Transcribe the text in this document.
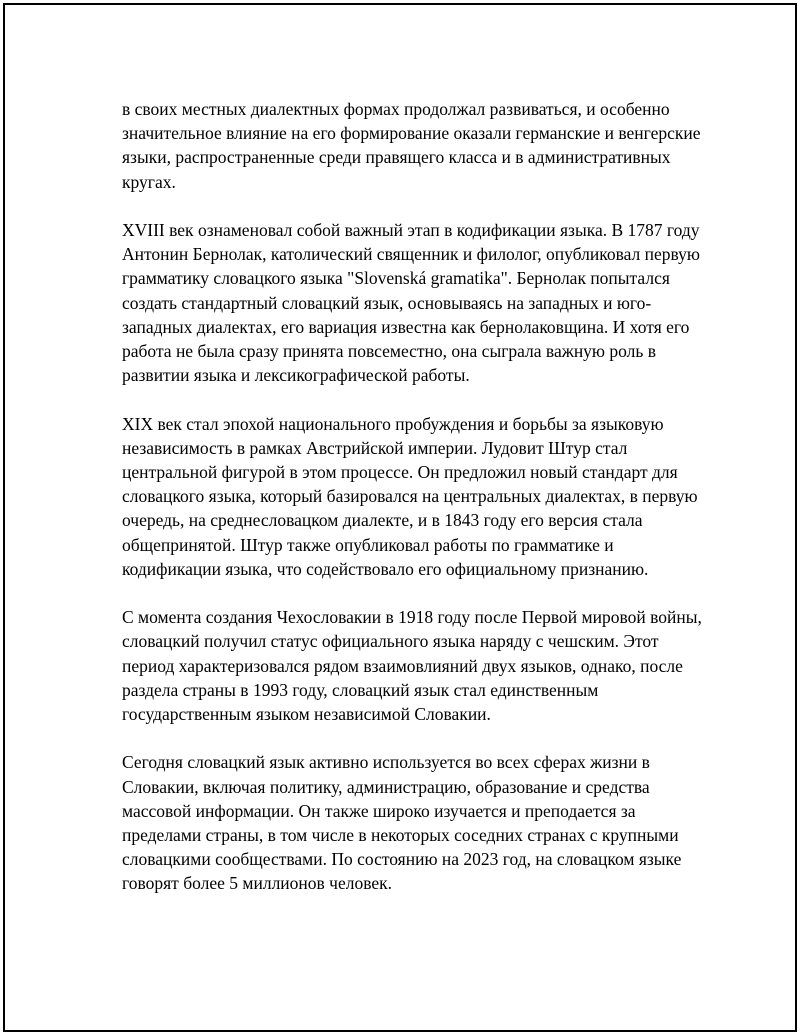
в своих местных диалектных формах продолжал развиваться, и особенно значительное влияние на его формирование оказали германские и венгерские языки, распространенные среди правящего класса и в административных кругах.

XVIII век ознаменовал собой важный этап в кодификации языка. В 1787 году Антонин Бернолак, католический священник и филолог, опубликовал первую грамматику словацкого языка "Slovenská gramatika". Бернолак попытался создать стандартный словацкий язык, основываясь на западных и юго-западных диалектах, его вариация известна как бернолаковщина. И хотя его работа не была сразу принята повсеместно, она сыграла важную роль в развитии языка и лексикографической работы.

XIX век стал эпохой национального пробуждения и борьбы за языковую независимость в рамках Австрийской империи. Лудовит Штур стал центральной фигурой в этом процессе. Он предложил новый стандарт для словацкого языка, который базировался на центральных диалектах, в первую очередь, на среднесловацком диалекте, и в 1843 году его версия стала общепринятой. Штур также опубликовал работы по грамматике и кодификации языка, что содействовало его официальному признанию.

С момента создания Чехословакии в 1918 году после Первой мировой войны, словацкий получил статус официального языка наряду с чешским. Этот период характеризовался рядом взаимовлияний двух языков, однако, после раздела страны в 1993 году, словацкий язык стал единственным государственным языком независимой Словакии.

Сегодня словацкий язык активно используется во всех сферах жизни в Словакии, включая политику, администрацию, образование и средства массовой информации. Он также широко изучается и преподается за пределами страны, в том числе в некоторых соседних странах с крупными словацкими сообществами. По состоянию на 2023 год, на словацком языке говорят более 5 миллионов человек.
